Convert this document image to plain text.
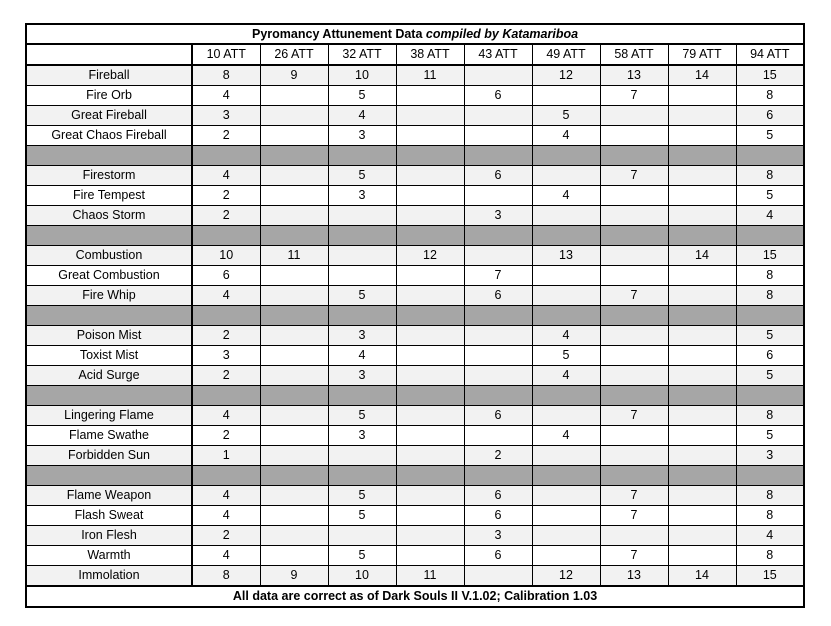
Pyromancy Attunement Data compiled by Katamariboa									
	10 ATT	26 ATT	32 ATT	38 ATT	43 ATT	49 ATT	58 ATT	79 ATT	94 ATT
Fireball	8	9	10	11		12	13	14	15
Fire Orb	4		5		6		7		8
Great Fireball	3		4			5			6
Great Chaos Fireball	2		3			4			5

Firestorm	4		5		6		7		8
Fire Tempest	2		3			4			5
Chaos Storm	2				3				4

Combustion	10	11		12		13		14	15
Great Combustion	6				7				8
Fire Whip	4		5		6		7		8

Poison Mist	2		3			4			5
Toxist Mist	3		4			5			6
Acid Surge	2		3			4			5

Lingering Flame	4		5		6		7		8
Flame Swathe	2		3			4			5
Forbidden Sun	1				2				3

Flame Weapon	4		5		6		7		8
Flash Sweat	4		5		6		7		8
Iron Flesh	2				3				4
Warmth	4		5		6		7		8
Immolation	8	9	10	11		12	13	14	15
All data are correct as of Dark Souls II V.1.02; Calibration 1.03									
